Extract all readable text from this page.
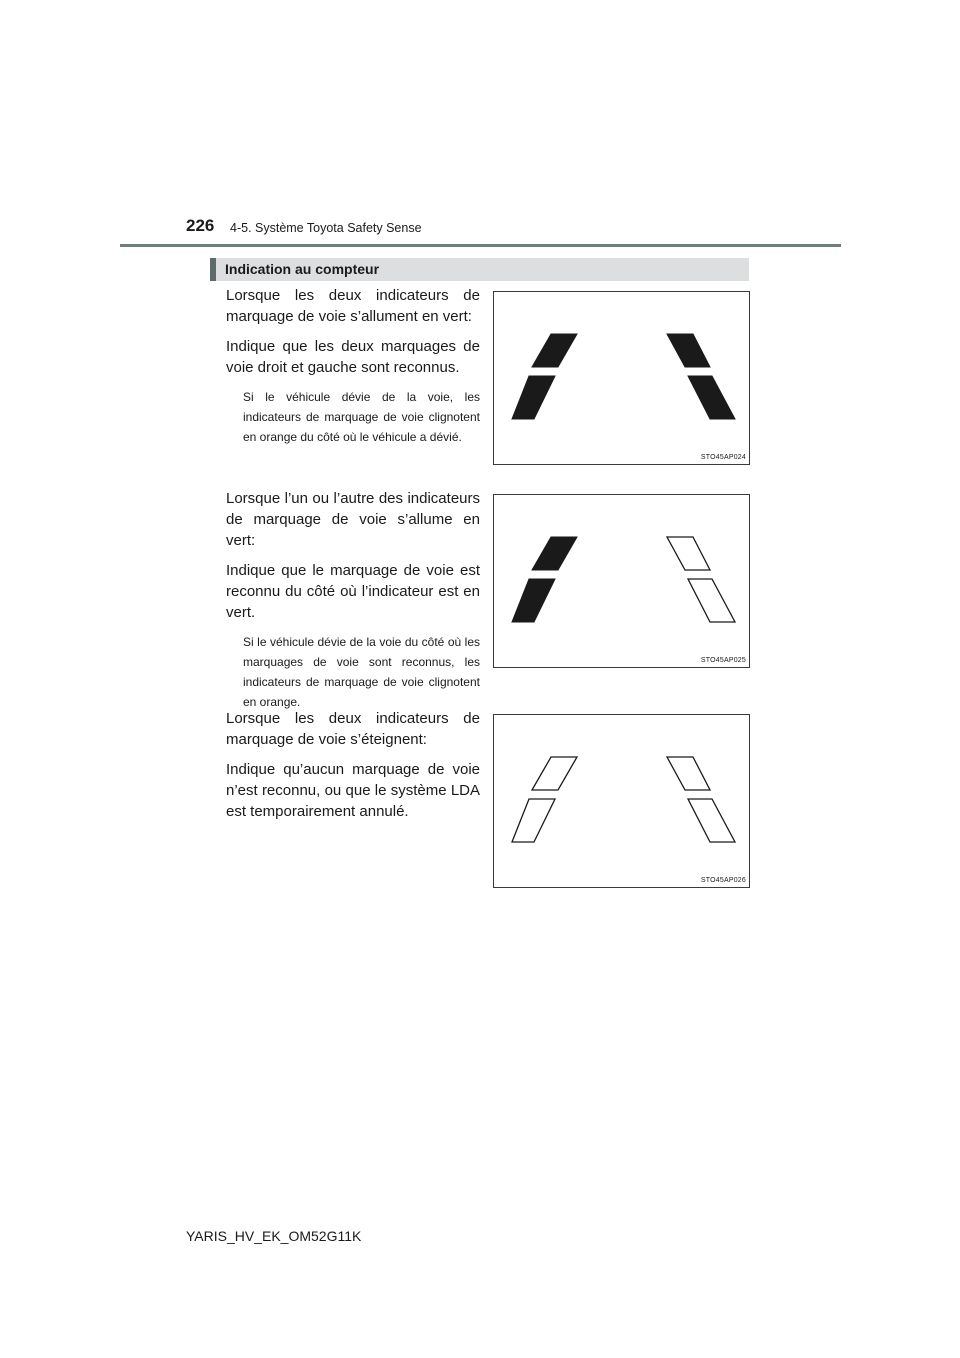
226 4-5. Système Toyota Safety Sense
Indication au compteur

Lorsque les deux indicateurs de marquage de voie s’allument en vert:

Indique que les deux marquages de voie droit et gauche sont reconnus.

Si le véhicule dévie de la voie, les indicateurs de marquage de voie clignotent en orange du côté où le véhicule a dévié.

STO45AP024

Lorsque l’un ou l’autre des indicateurs de marquage de voie s’allume en vert:

Indique que le marquage de voie est reconnu du côté où l’indicateur est en vert.

Si le véhicule dévie de la voie du côté où les marquages de voie sont reconnus, les indicateurs de marquage de voie clignotent en orange.

STO45AP025

Lorsque les deux indicateurs de marquage de voie s’éteignent:

Indique qu’aucun marquage de voie n’est reconnu, ou que le système LDA est temporairement annulé.

STO45AP026
YARIS_HV_EK_OM52G11K
